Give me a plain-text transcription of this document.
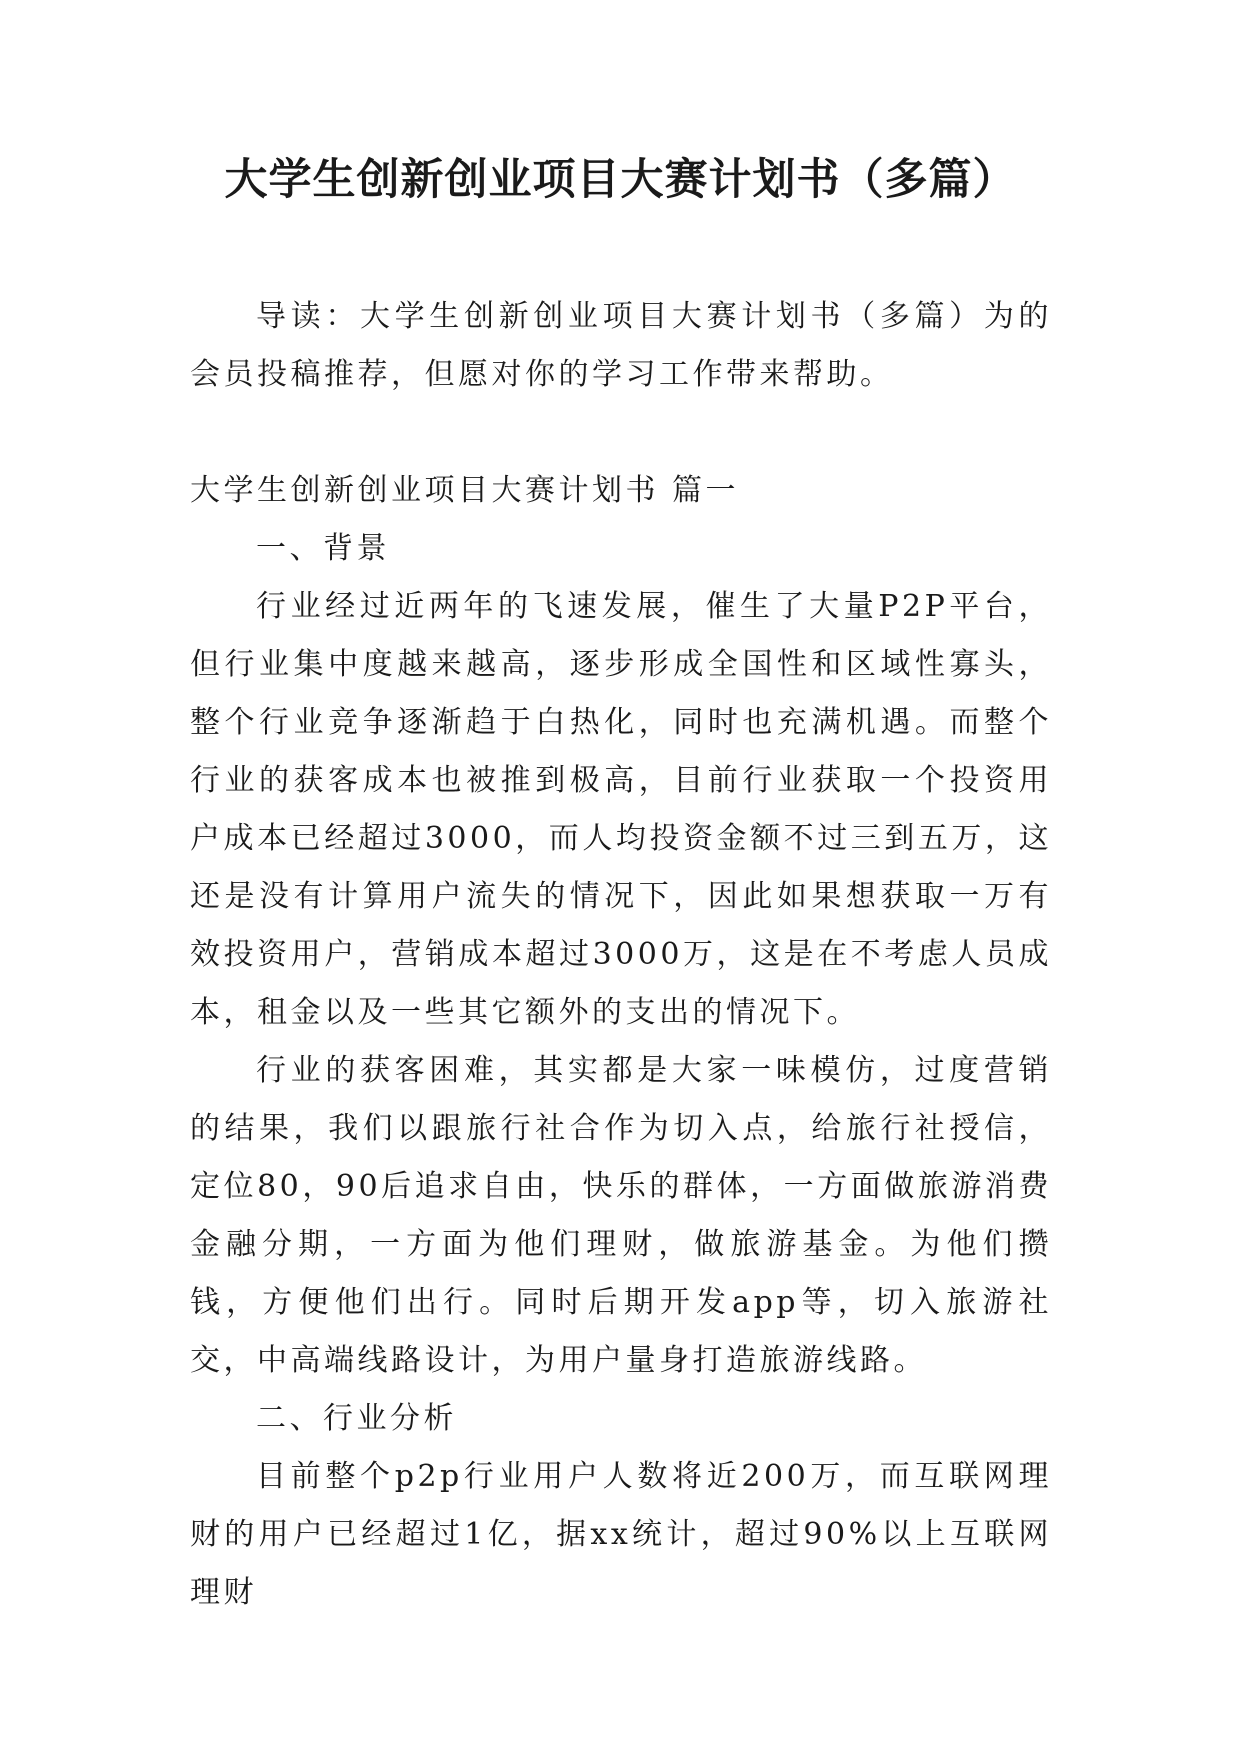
大学生创新创业项目大赛计划书（多篇）

导读：大学生创新创业项目大赛计划书（多篇）为的会员投稿推荐，但愿对你的学习工作带来帮助。

大学生创新创业项目大赛计划书 篇一

一、背景

行业经过近两年的飞速发展，催生了大量P2P平台，但行业集中度越来越高，逐步形成全国性和区域性寡头，整个行业竞争逐渐趋于白热化，同时也充满机遇。而整个行业的获客成本也被推到极高，目前行业获取一个投资用户成本已经超过3000，而人均投资金额不过三到五万，这还是没有计算用户流失的情况下，因此如果想获取一万有效投资用户，营销成本超过3000万，这是在不考虑人员成本，租金以及一些其它额外的支出的情况下。

行业的获客困难，其实都是大家一味模仿，过度营销的结果，我们以跟旅行社合作为切入点，给旅行社授信，定位80，90后追求自由，快乐的群体，一方面做旅游消费金融分期，一方面为他们理财，做旅游基金。为他们攒钱，方便他们出行。同时后期开发app等，切入旅游社交，中高端线路设计，为用户量身打造旅游线路。

二、行业分析

目前整个p2p行业用户人数将近200万，而互联网理财的用户已经超过1亿，据xx统计，超过90%以上互联网理财
